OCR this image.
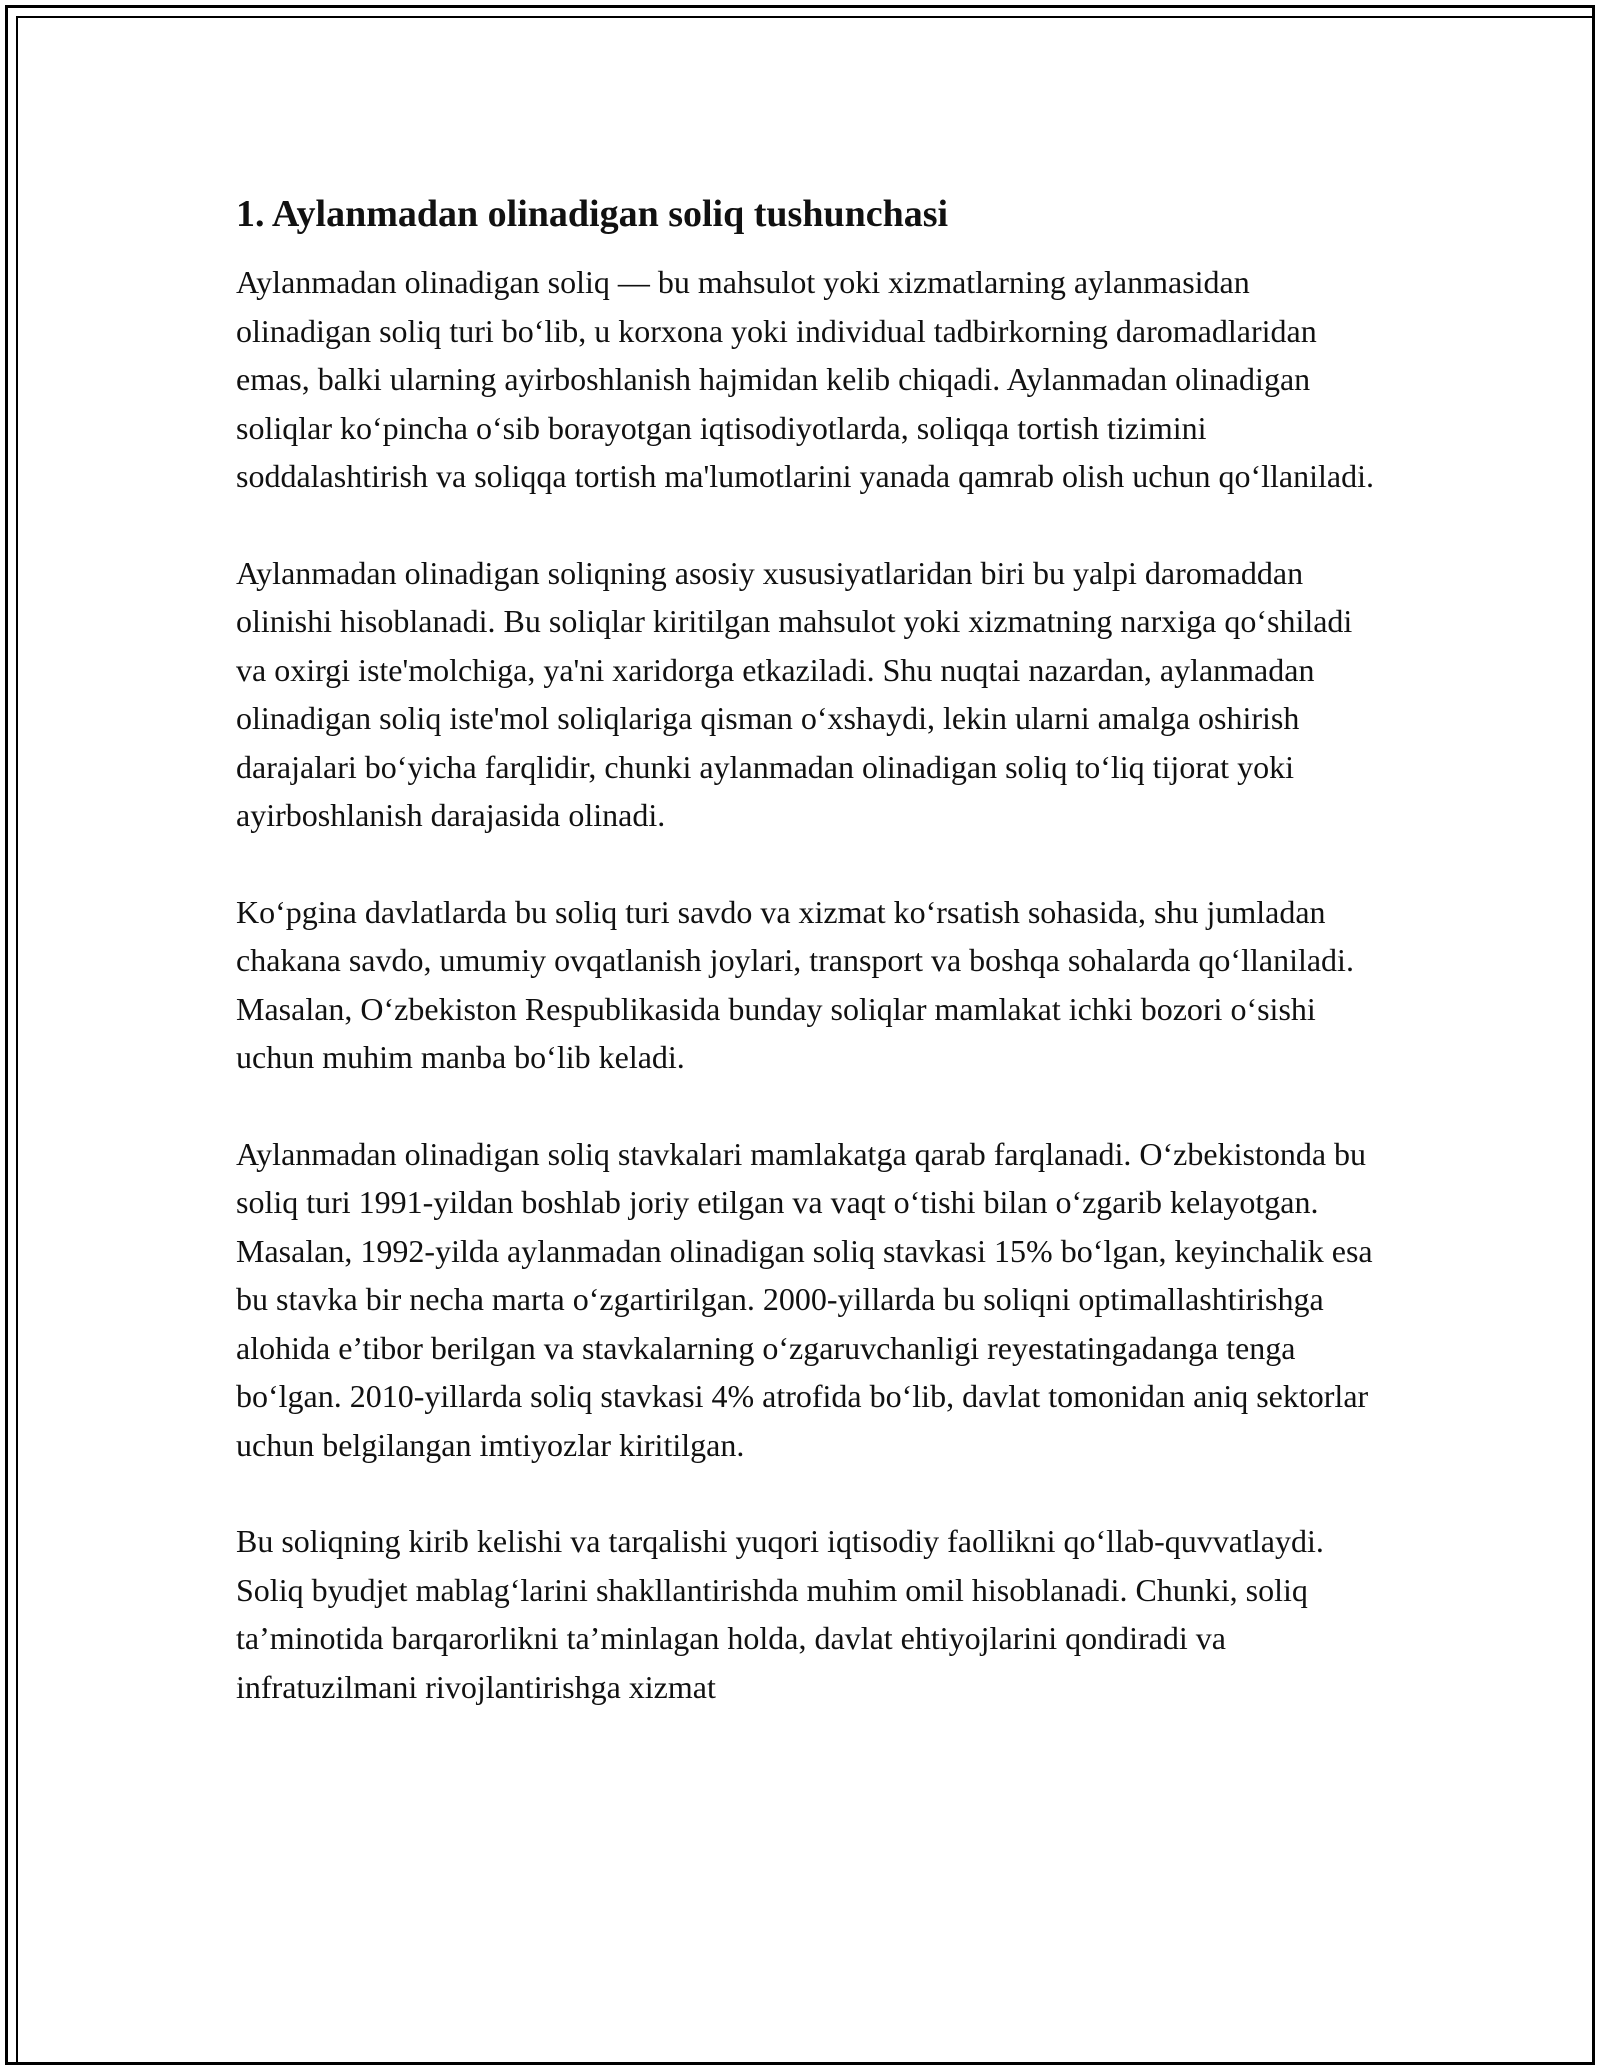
1. Aylanmadan olinadigan soliq tushunchasi

Aylanmadan olinadigan soliq — bu mahsulot yoki xizmatlarning aylanmasidan olinadigan soliq turi bo‘lib, u korxona yoki individual tadbirkorning daromadlaridan emas, balki ularning ayirboshlanish hajmidan kelib chiqadi. Aylanmadan olinadigan soliqlar ko‘pincha o‘sib borayotgan iqtisodiyotlarda, soliqqa tortish tizimini soddalashtirish va soliqqa tortish ma'lumotlarini yanada qamrab olish uchun qo‘llaniladi.

Aylanmadan olinadigan soliqning asosiy xususiyatlaridan biri bu yalpi daromaddan olinishi hisoblanadi. Bu soliqlar kiritilgan mahsulot yoki xizmatning narxiga qo‘shiladi va oxirgi iste'molchiga, ya'ni xaridorga etkaziladi. Shu nuqtai nazardan, aylanmadan olinadigan soliq iste'mol soliqlariga qisman o‘xshaydi, lekin ularni amalga oshirish darajalari bo‘yicha farqlidir, chunki aylanmadan olinadigan soliq to‘liq tijorat yoki ayirboshlanish darajasida olinadi.

Ko‘pgina davlatlarda bu soliq turi savdo va xizmat ko‘rsatish sohasida, shu jumladan chakana savdo, umumiy ovqatlanish joylari, transport va boshqa sohalarda qo‘llaniladi. Masalan, O‘zbekiston Respublikasida bunday soliqlar mamlakat ichki bozori o‘sishi uchun muhim manba bo‘lib keladi.

Aylanmadan olinadigan soliq stavkalari mamlakatga qarab farqlanadi. O‘zbekistonda bu soliq turi 1991-yildan boshlab joriy etilgan va vaqt o‘tishi bilan o‘zgarib kelayotgan. Masalan, 1992-yilda aylanmadan olinadigan soliq stavkasi 15% bo‘lgan, keyinchalik esa bu stavka bir necha marta o‘zgartirilgan. 2000-yillarda bu soliqni optimallashtirishga alohida e’tibor berilgan va stavkalarning o‘zgaruvchanligi reyestatingadanga tenga bo‘lgan. 2010-yillarda soliq stavkasi 4% atrofida bo‘lib, davlat tomonidan aniq sektorlar uchun belgilangan imtiyozlar kiritilgan.

Bu soliqning kirib kelishi va tarqalishi yuqori iqtisodiy faollikni qo‘llab-quvvatlaydi. Soliq byudjet mablag‘larini shakllantirishda muhim omil hisoblanadi. Chunki, soliq ta’minotida barqarorlikni ta’minlagan holda, davlat ehtiyojlarini qondiradi va infratuzilmani rivojlantirishga xizmat
